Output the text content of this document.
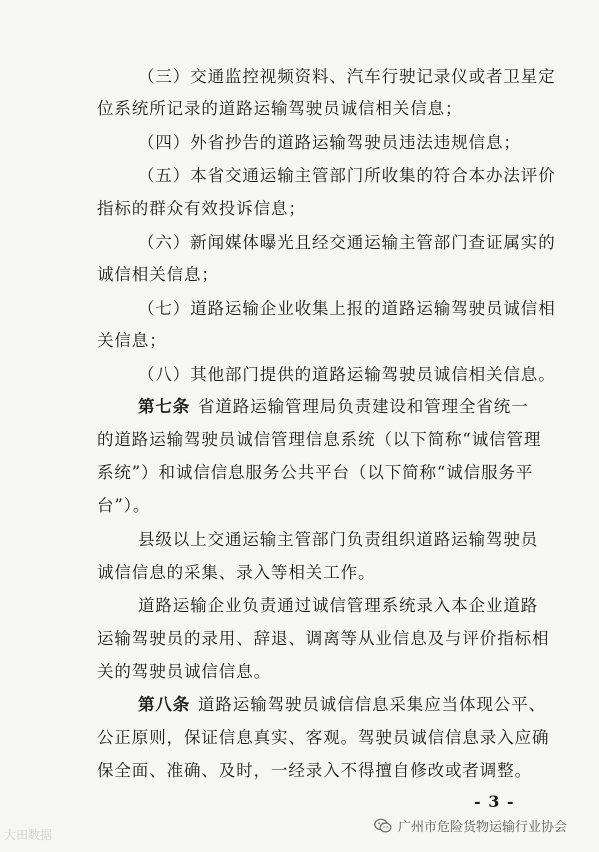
（三）交通监控视频资料、汽车行驶记录仪或者卫星定
位系统所记录的道路运输驾驶员诚信相关信息；
（四）外省抄告的道路运输驾驶员违法违规信息；
（五）本省交通运输主管部门所收集的符合本办法评价
指标的群众有效投诉信息；
（六）新闻媒体曝光且经交通运输主管部门查证属实的
诚信相关信息；
（七）道路运输企业收集上报的道路运输驾驶员诚信相
关信息；
（八）其他部门提供的道路运输驾驶员诚信相关信息。
第七条 省道路运输管理局负责建设和管理全省统一
的道路运输驾驶员诚信管理信息系统（以下简称“诚信管理
系统”）和诚信信息服务公共平台（以下简称“诚信服务平
台”）。
县级以上交通运输主管部门负责组织道路运输驾驶员
诚信信息的采集、录入等相关工作。
道路运输企业负责通过诚信管理系统录入本企业道路
运输驾驶员的录用、辞退、调离等从业信息及与评价指标相
关的驾驶员诚信信息。
第八条 道路运输驾驶员诚信信息采集应当体现公平、
公正原则，保证信息真实、客观。驾驶员诚信信息录入应确
保全面、准确、及时，一经录入不得擅自修改或者调整。
- 3 -
大田数据	广州市危险货物运输行业协会
